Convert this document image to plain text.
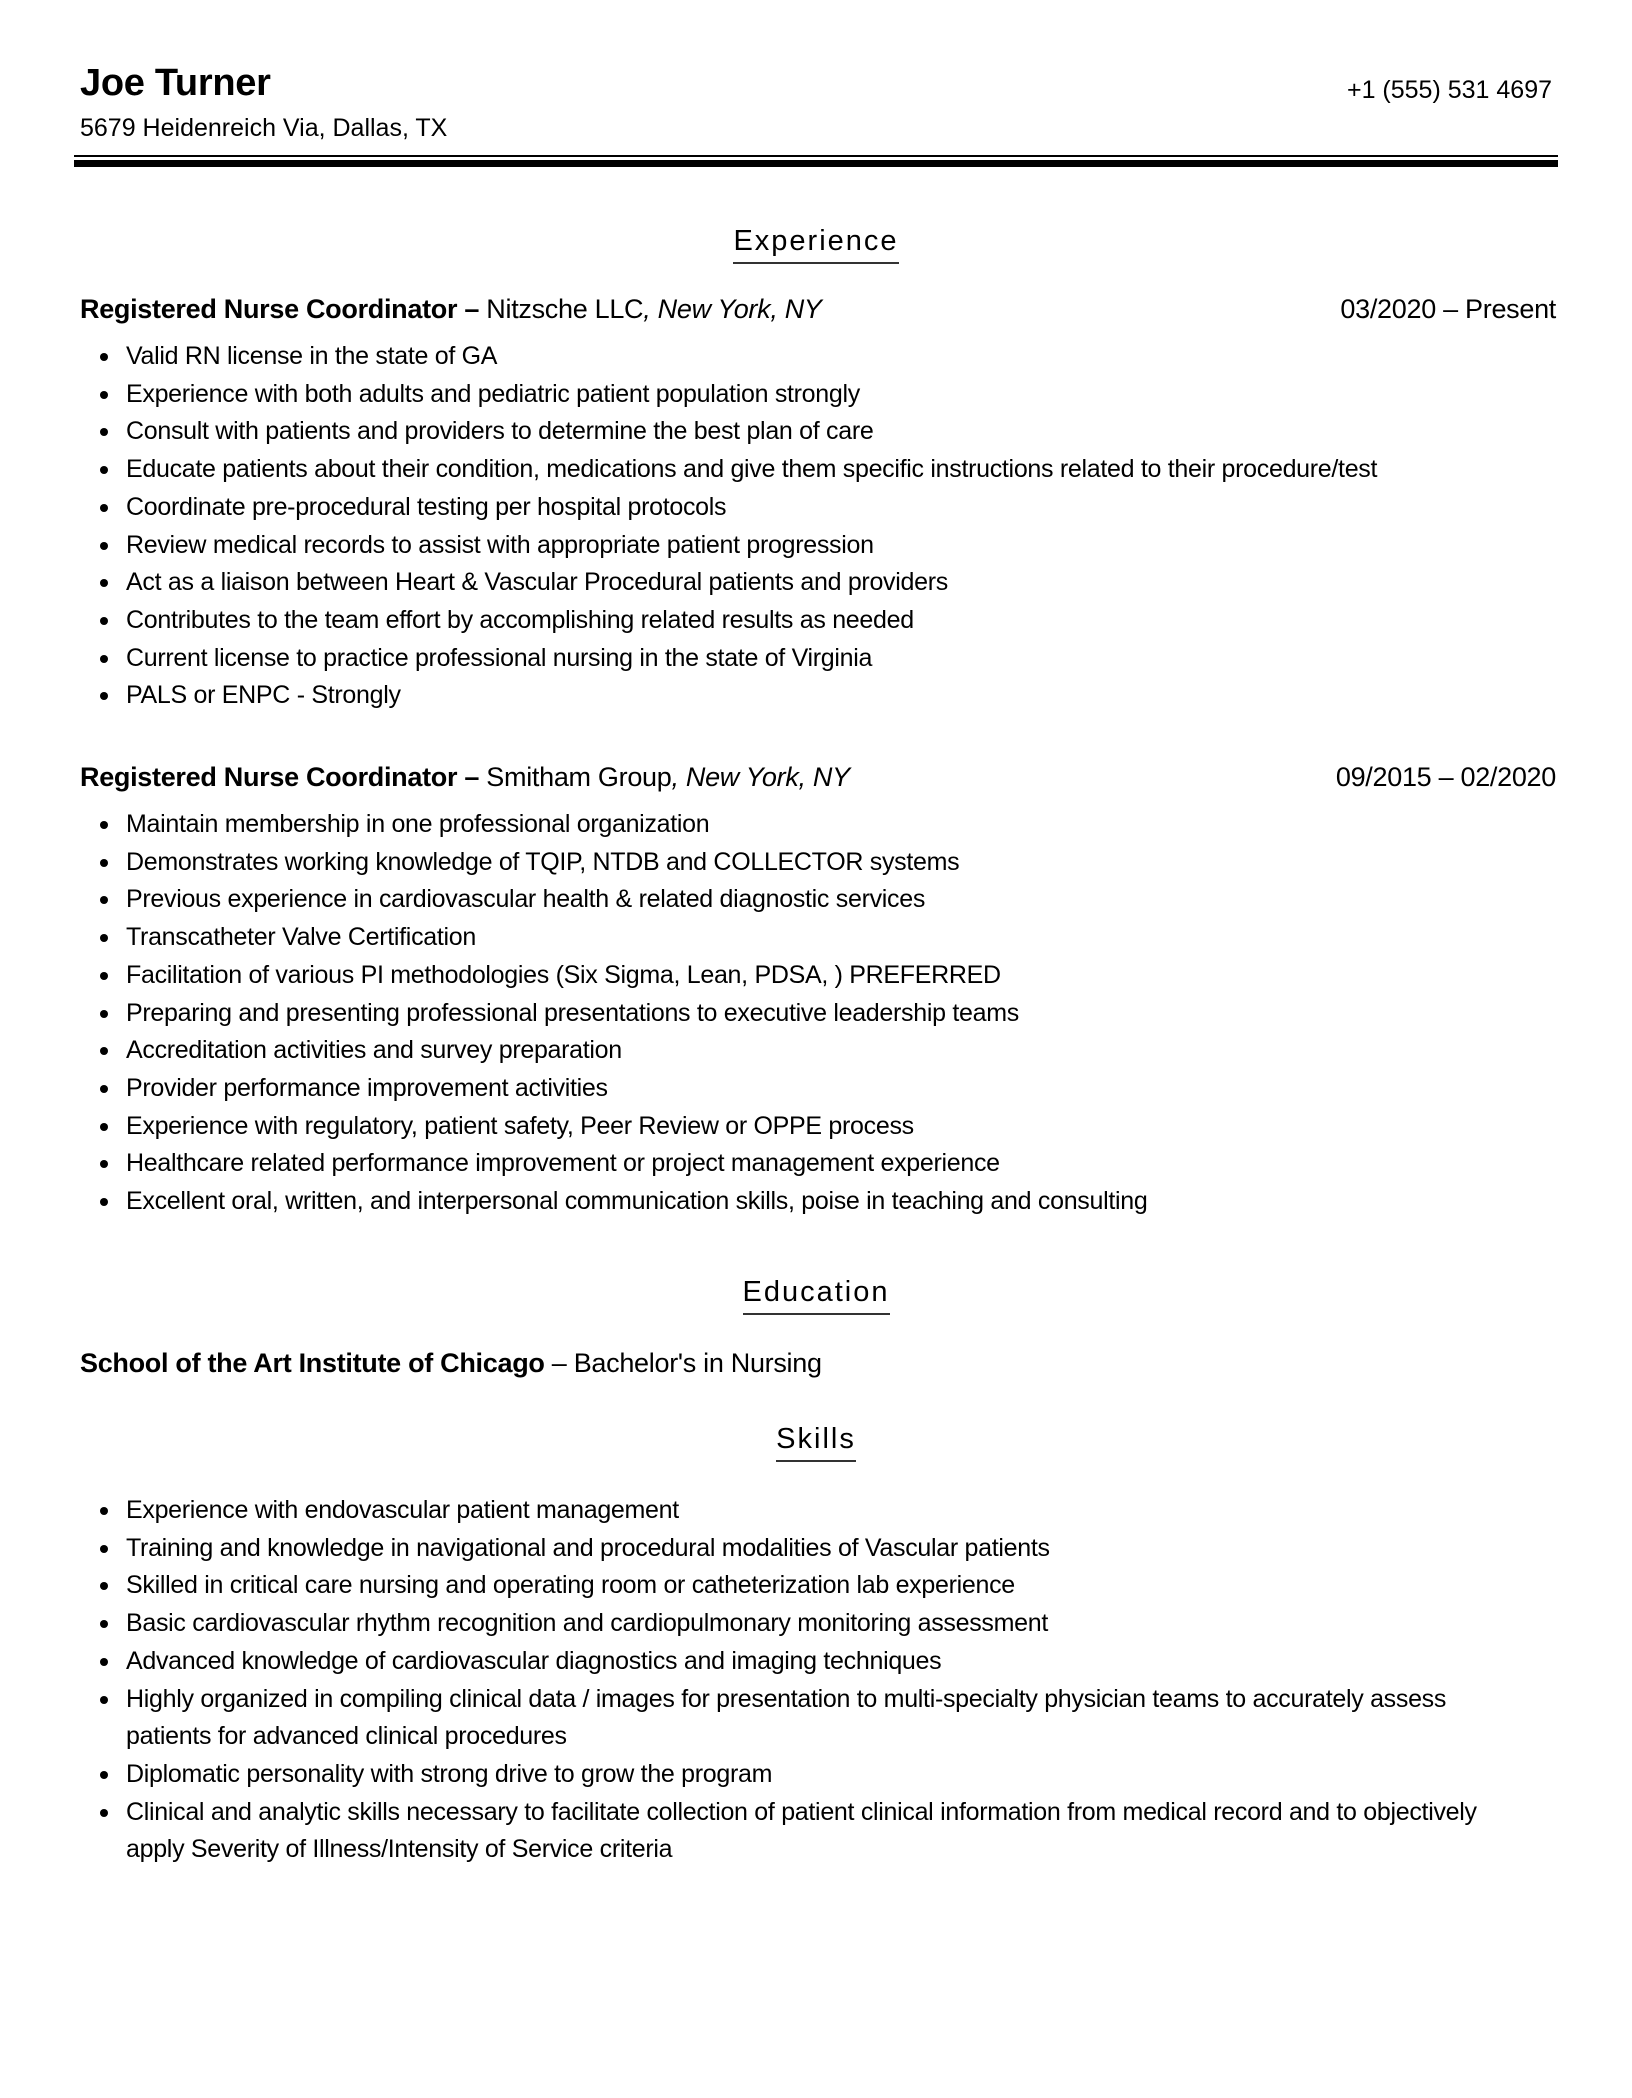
Joe Turner
5679 Heidenreich Via, Dallas, TX
+1 (555) 531 4697
Experience
Registered Nurse Coordinator – Nitzsche LLC, New York, NY	03/2020 – Present
Valid RN license in the state of GA
Experience with both adults and pediatric patient population strongly
Consult with patients and providers to determine the best plan of care
Educate patients about their condition, medications and give them specific instructions related to their procedure/test
Coordinate pre-procedural testing per hospital protocols
Review medical records to assist with appropriate patient progression
Act as a liaison between Heart & Vascular Procedural patients and providers
Contributes to the team effort by accomplishing related results as needed
Current license to practice professional nursing in the state of Virginia
PALS or ENPC - Strongly
Registered Nurse Coordinator – Smitham Group, New York, NY	09/2015 – 02/2020
Maintain membership in one professional organization
Demonstrates working knowledge of TQIP, NTDB and COLLECTOR systems
Previous experience in cardiovascular health & related diagnostic services
Transcatheter Valve Certification
Facilitation of various PI methodologies (Six Sigma, Lean, PDSA, ) PREFERRED
Preparing and presenting professional presentations to executive leadership teams
Accreditation activities and survey preparation
Provider performance improvement activities
Experience with regulatory, patient safety, Peer Review or OPPE process
Healthcare related performance improvement or project management experience
Excellent oral, written, and interpersonal communication skills, poise in teaching and consulting
Education
School of the Art Institute of Chicago – Bachelor's in Nursing
Skills
Experience with endovascular patient management
Training and knowledge in navigational and procedural modalities of Vascular patients
Skilled in critical care nursing and operating room or catheterization lab experience
Basic cardiovascular rhythm recognition and cardiopulmonary monitoring assessment
Advanced knowledge of cardiovascular diagnostics and imaging techniques
Highly organized in compiling clinical data / images for presentation to multi-specialty physician teams to accurately assess patients for advanced clinical procedures
Diplomatic personality with strong drive to grow the program
Clinical and analytic skills necessary to facilitate collection of patient clinical information from medical record and to objectively apply Severity of Illness/Intensity of Service criteria
